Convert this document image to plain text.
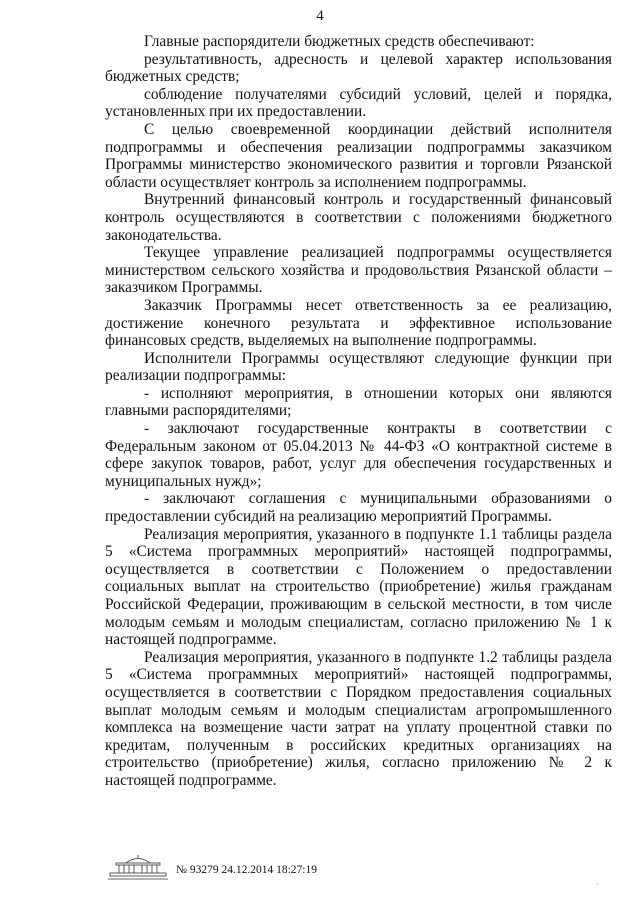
4

Главные распорядители бюджетных средств обеспечивают:

результативность, адресность и целевой характер использования бюджетных средств;

соблюдение получателями субсидий условий, целей и порядка, установленных при их предоставлении.

С целью своевременной координации действий исполнителя подпрограммы и обеспечения реализации подпрограммы заказчиком Программы министерство экономического развития и торговли Рязанской области осуществляет контроль за исполнением подпрограммы.

Внутренний финансовый контроль и государственный финансовый контроль осуществляются в соответствии с положениями бюджетного законодательства.

Текущее управление реализацией подпрограммы осуществляется министерством сельского хозяйства и продовольствия Рязанской области – заказчиком Программы.

Заказчик Программы несет ответственность за ее реализацию, достижение конечного результата и эффективное использование финансовых средств, выделяемых на выполнение подпрограммы.

Исполнители Программы осуществляют следующие функции при реализации подпрограммы:

- исполняют мероприятия, в отношении которых они являются главными распорядителями;

- заключают государственные контракты в соответствии с Федеральным законом от 05.04.2013 № 44-ФЗ «О контрактной системе в сфере закупок товаров, работ, услуг для обеспечения государственных и муниципальных нужд»;

- заключают соглашения с муниципальными образованиями о предоставлении субсидий на реализацию мероприятий Программы.

Реализация мероприятия, указанного в подпункте 1.1 таблицы раздела 5 «Система программных мероприятий» настоящей подпрограммы, осуществляется в соответствии с Положением о предоставлении социальных выплат на строительство (приобретение) жилья гражданам Российской Федерации, проживающим в сельской местности, в том числе молодым семьям и молодым специалистам, согласно приложению № 1 к настоящей подпрограмме.

Реализация мероприятия, указанного в подпункте 1.2 таблицы раздела 5 «Система программных мероприятий» настоящей подпрограммы, осуществляется в соответствии с Порядком предоставления социальных выплат молодым семьям и молодым специалистам агропромышленного комплекса на возмещение части затрат на уплату процентной ставки по кредитам, полученным в российских кредитных организациях на строительство (приобретение) жилья, согласно приложению № 2 к настоящей подпрограмме.

№ 93279 24.12.2014 18:27:19
·
